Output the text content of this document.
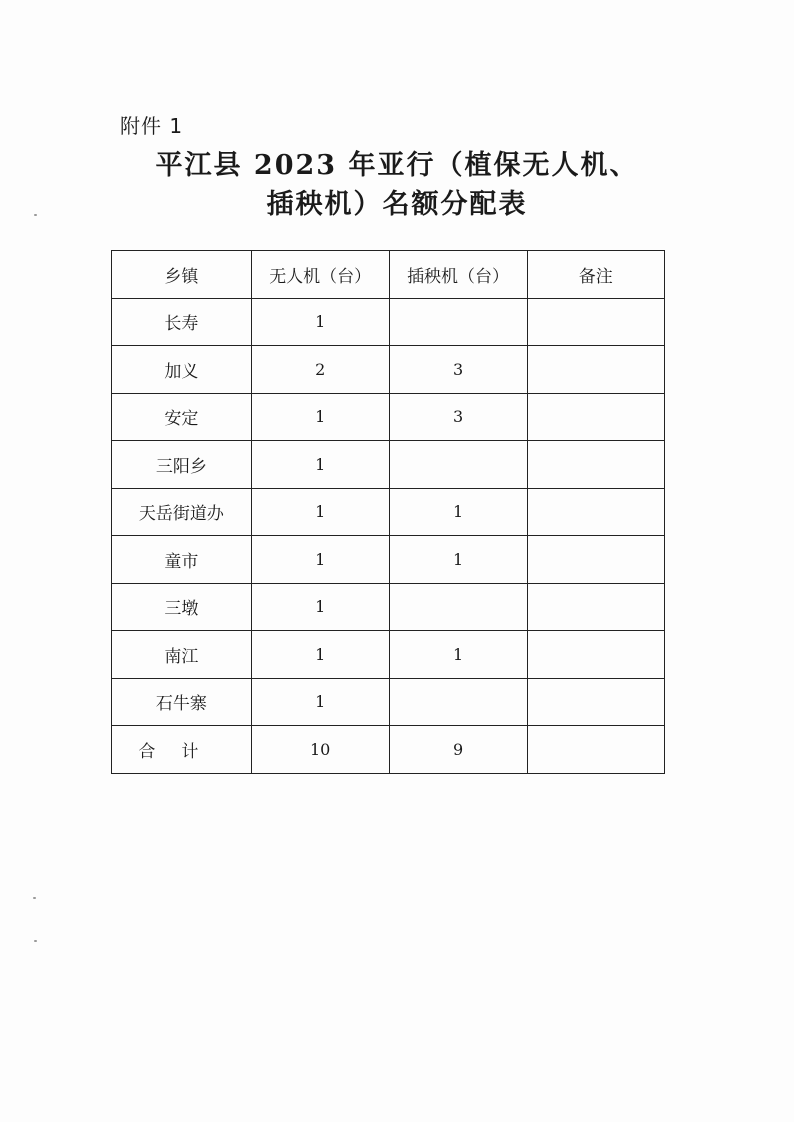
附件 1
平江县 2023 年亚行（植保无人机、
插秧机）名额分配表
乡镇	无人机（台）	插秧机（台）	备注
长寿	1		
加义	2	3	
安定	1	3	
三阳乡	1		
天岳街道办	1	1	
童市	1	1	
三墩	1		
南江	1	1	
石牛寨	1		
合计	10	9	
